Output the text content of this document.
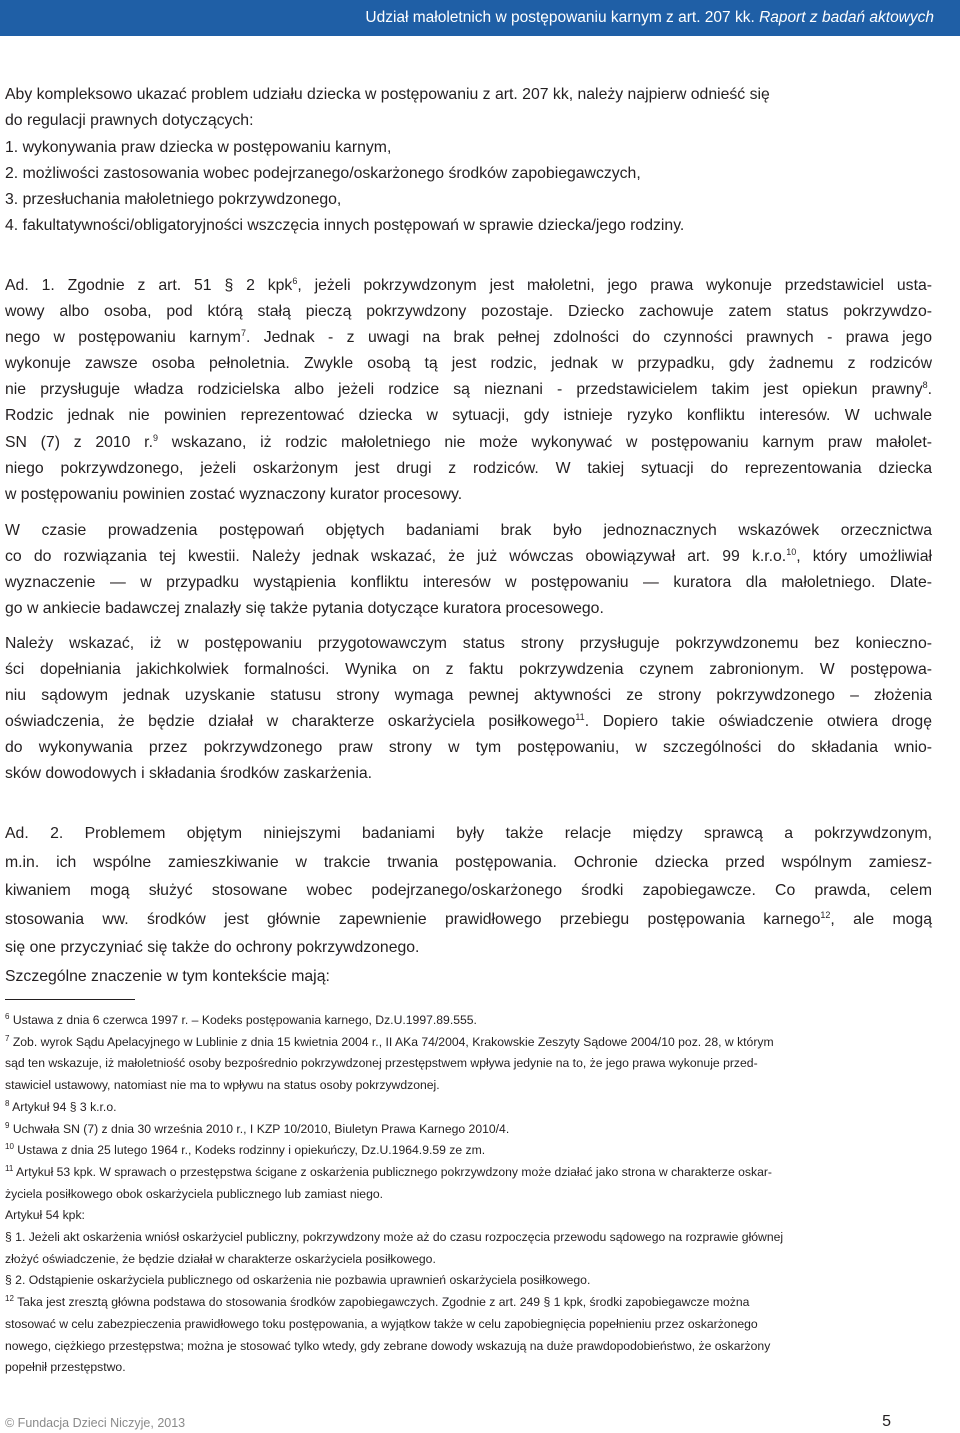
Udział małoletnich w postępowaniu karnym z art. 207 kk. Raport z badań aktowych
Aby kompleksowo ukazać problem udziału dziecka w postępowaniu z art. 207 kk, należy najpierw odnieść się
do regulacji prawnych dotyczących:
1. wykonywania praw dziecka w postępowaniu karnym,
2. możliwości zastosowania wobec podejrzanego/oskarżonego środków zapobiegawczych,
3. przesłuchania małoletniego pokrzywdzonego,
4. fakultatywności/obligatoryjności wszczęcia innych postępowań w sprawie dziecka/jego rodziny.
Ad. 1. Zgodnie z art. 51 § 2 kpk$^6$, jeżeli pokrzywdzonym jest małoletni, jego prawa wykonuje przedstawiciel usta-
wowy albo osoba, pod którą stałą pieczą pokrzywdzony pozostaje. Dziecko zachowuje zatem status pokrzywdzo-
nego w postępowaniu karnym$^7$. Jednak - z uwagi na brak pełnej zdolności do czynności prawnych - prawa jego
wykonuje zawsze osoba pełnoletnia. Zwykle osobą tą jest rodzic, jednak w przypadku, gdy żadnemu z rodziców
nie przysługuje władza rodzicielska albo jeżeli rodzice są nieznani - przedstawicielem takim jest opiekun prawny$^8$.
Rodzic jednak nie powinien reprezentować dziecka w sytuacji, gdy istnieje ryzyko konfliktu interesów. W uchwale
SN (7) z 2010 r.$^9$ wskazano, iż rodzic małoletniego nie może wykonywać w postępowaniu karnym praw małolet-
niego pokrzywdzonego, jeżeli oskarżonym jest drugi z rodziców. W takiej sytuacji do reprezentowania dziecka
w postępowaniu powinien zostać wyznaczony kurator procesowy.
W czasie prowadzenia postępowań objętych badaniami brak było jednoznacznych wskazówek orzecznictwa
co do rozwiązania tej kwestii. Należy jednak wskazać, że już wówczas obowiązywał art. 99 k.r.o.$^{10}$, który umożliwiał
wyznaczenie — w przypadku wystąpienia konfliktu interesów w postępowaniu — kuratora dla małoletniego. Dlate-
go w ankiecie badawczej znalazły się także pytania dotyczące kuratora procesowego.
Należy wskazać, iż w postępowaniu przygotowawczym status strony przysługuje pokrzywdzonemu bez koniecznо-
ści dopełniania jakichkolwiek formalności. Wynika on z faktu pokrzywdzenia czynem zabronionym. W postępowa-
niu sądowym jednak uzyskanie statusu strony wymaga pewnej aktywności ze strony pokrzywdzonego – złożenia
oświadczenia, że będzie działał w charakterze oskarżyciela posiłkowego$^{11}$. Dopiero takie oświadczenie otwiera drogę
do wykonywania przez pokrzywdzonego praw strony w tym postępowaniu, w szczególności do składania wnio-
sków dowodowych i składania środków zaskarżenia.
Ad. 2. Problemem objętym niniejszymi badaniami były także relacje między sprawcą a pokrzywdzonym,
m.in. ich wspólne zamieszkiwanie w trakcie trwania postępowania. Ochronie dziecka przed wspólnym zamiesz-
kiwaniem mogą służyć stosowane wobec podejrzanego/oskarżonego środki zapobiegawcze. Co prawda, celem
stosowania ww. środków jest głównie zapewnienie prawidłowego przebiegu postępowania karnego$^{12}$, ale mogą
się one przyczyniać się także do ochrony pokrzywdzonego.
Szczególne znaczenie w tym kontekście mają:
$^6$ Ustawa z dnia 6 czerwca 1997 r. – Kodeks postępowania karnego, Dz.U.1997.89.555.
$^7$ Zob. wyrok Sądu Apelacyjnego w Lublinie z dnia 15 kwietnia 2004 r., II AKa 74/2004, Krakowskie Zeszyty Sądowe 2004/10 poz. 28, w którym
sąd ten wskazuje, iż małoletniość osoby bezpośrednio pokrzywdzonej przestępstwem wpływa jedynie na to, że jego prawa wykonuje przed-
stawiciel ustawowy, natomiast nie ma to wpływu na status osoby pokrzywdzonej.
$^8$ Artykuł 94 § 3 k.r.o.
$^9$ Uchwała SN (7) z dnia 30 września 2010 r., I KZP 10/2010, Biuletyn Prawa Karnego 2010/4.
$^{10}$ Ustawa z dnia 25 lutego 1964 r., Kodeks rodzinny i opiekuńczy, Dz.U.1964.9.59 ze zm.
$^{11}$ Artykuł 53 kpk. W sprawach o przestępstwa ścigane z oskarżenia publicznego pokrzywdzony może działać jako strona w charakterze oskar-
życiela posiłkowego obok oskarżyciela publicznego lub zamiast niego.
Artykuł 54 kpk:
§ 1. Jeżeli akt oskarżenia wniósł oskarżyciel publiczny, pokrzywdzony może aż do czasu rozpoczęcia przewodu sądowego na rozprawie głównej
złożyć oświadczenie, że będzie działał w charakterze oskarżyciela posiłkowego.
§ 2. Odstąpienie oskarżyciela publicznego od oskarżenia nie pozbawia uprawnień oskarżyciela posiłkowego.
$^{12}$ Taka jest zresztą główna podstawa do stosowania środków zapobiegawczych. Zgodnie z art. 249 § 1 kpk, środki zapobiegawcze można
stosować w celu zabezpieczenia prawidłowego toku postępowania, a wyjątkow także w celu zapobiegnięcia popełnieniu przez oskarżonego
nowego, ciężkiego przestępstwa; można je stosować tylko wtedy, gdy zebrane dowody wskazują na duże prawdopodobieństwo, że oskarżony
popełnił przestępstwo.
© Fundacja Dzieci Niczyje, 2013	5
